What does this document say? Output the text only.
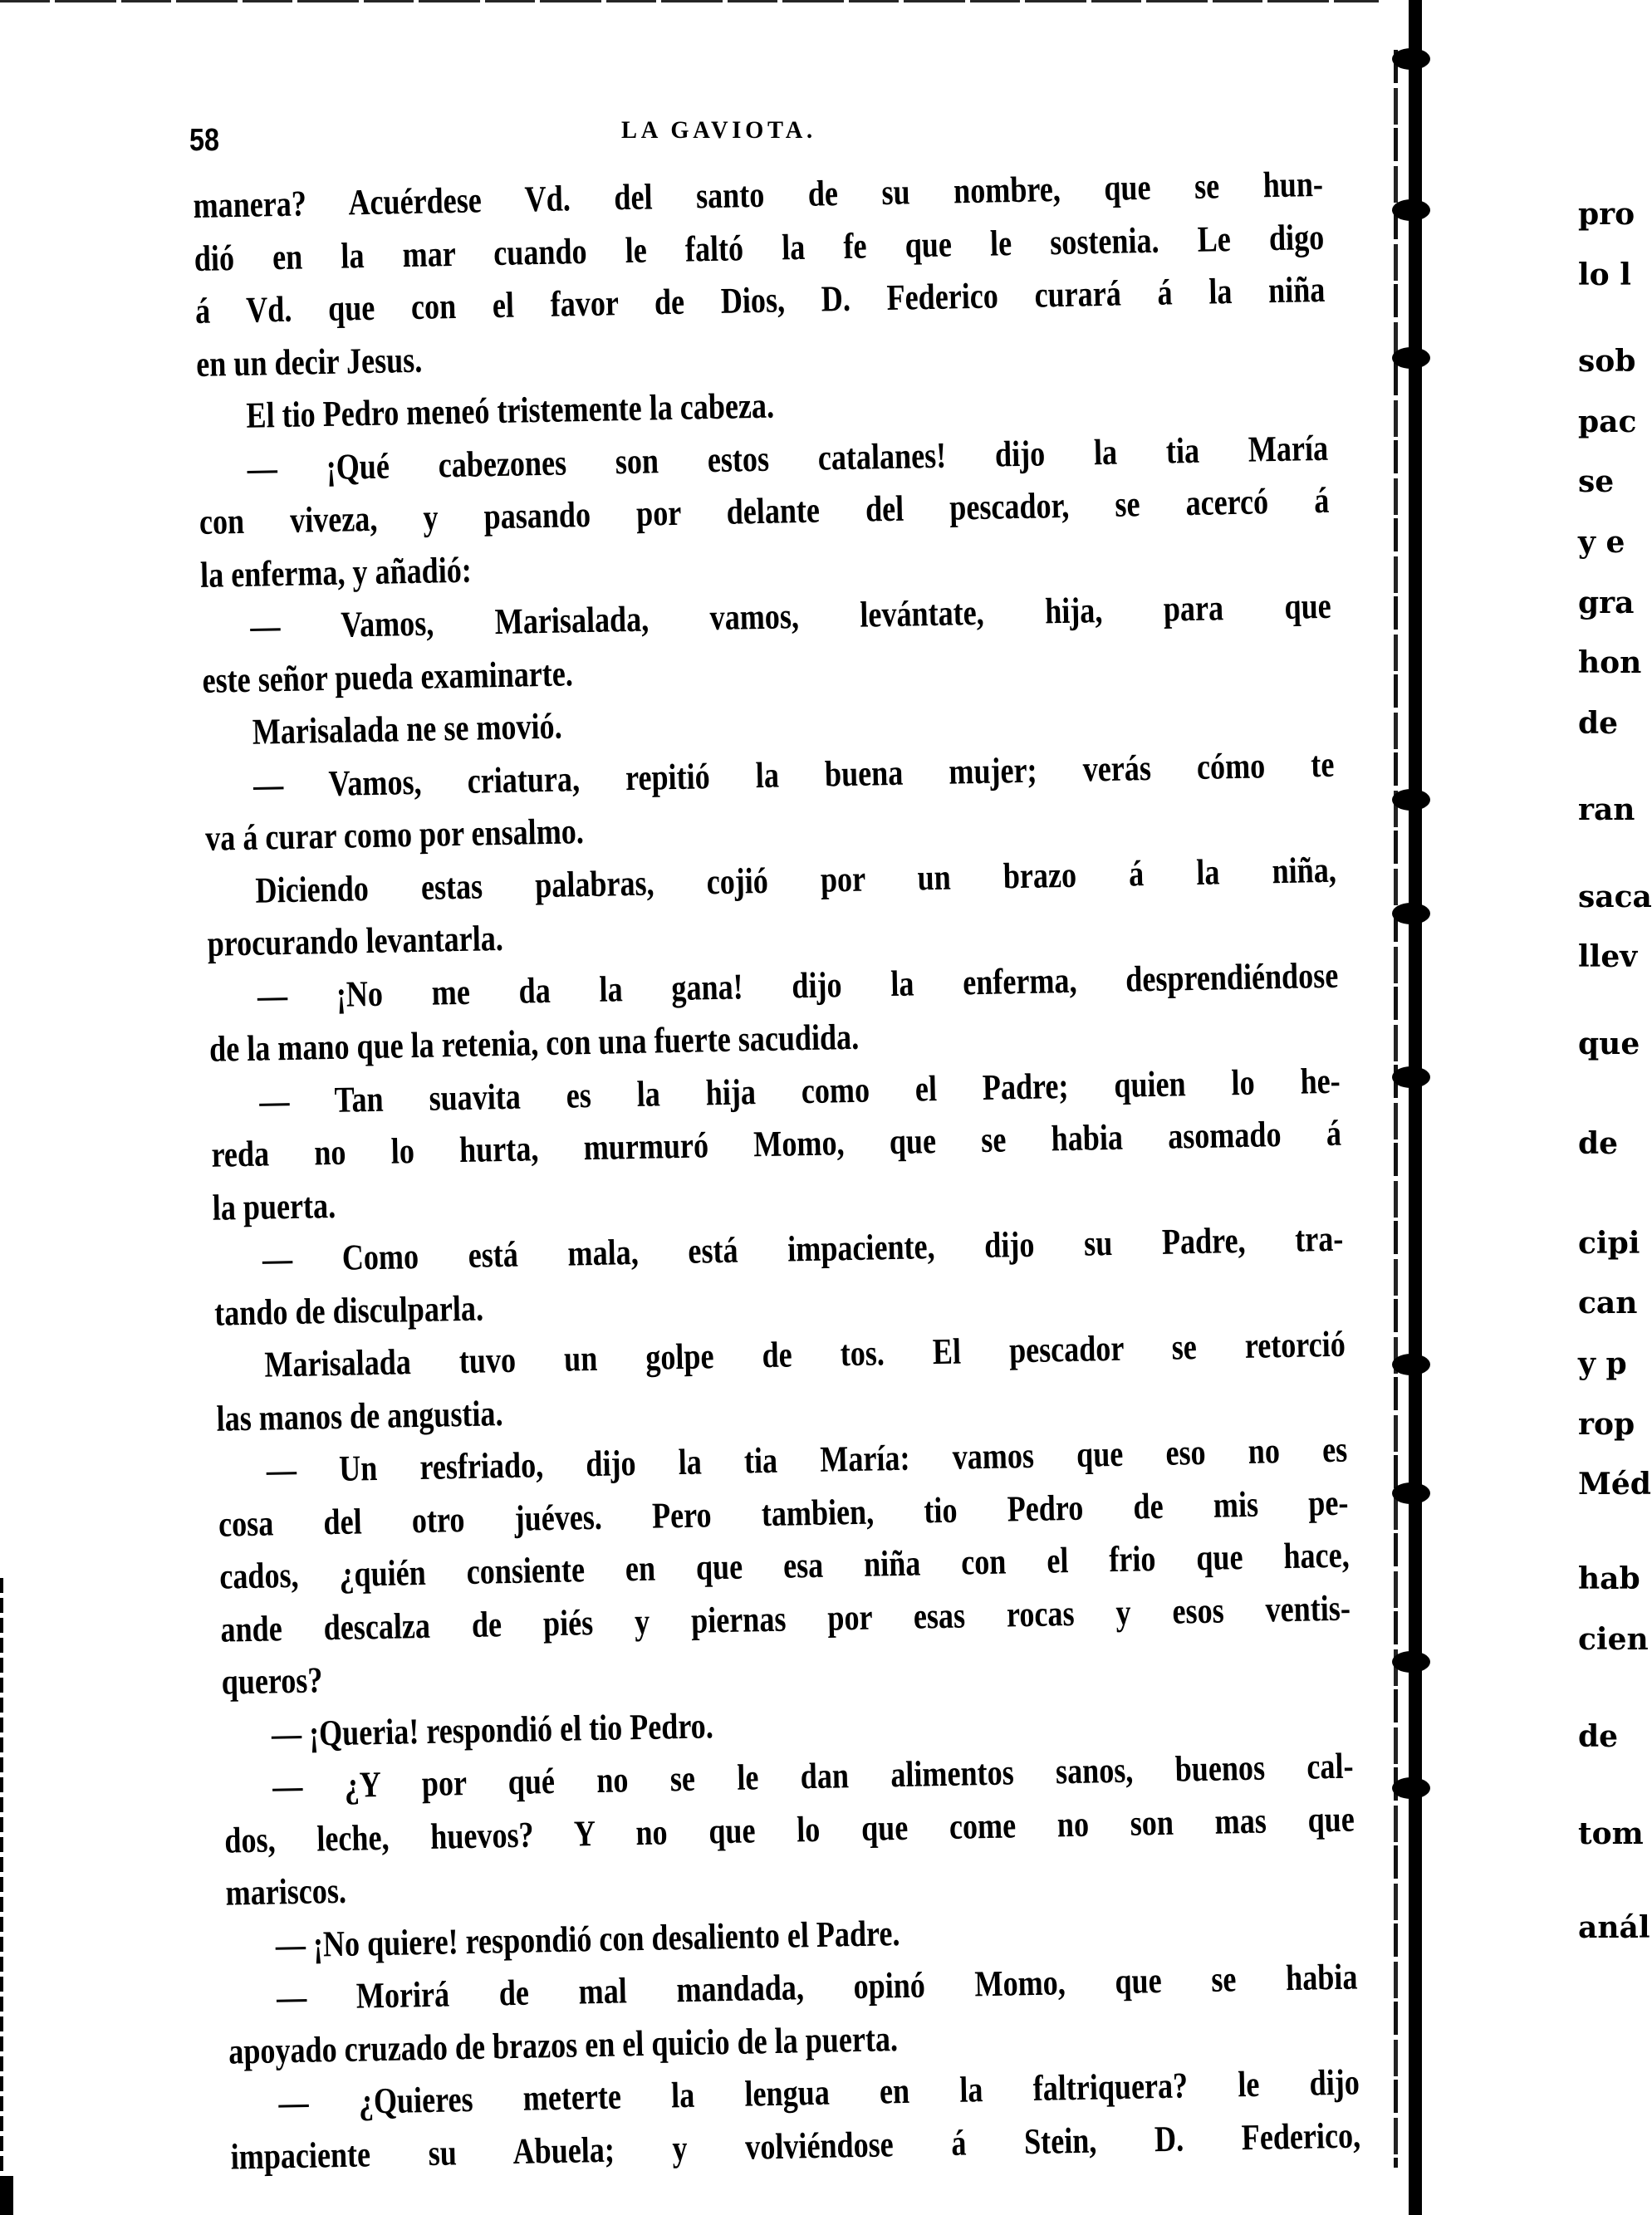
58	LA GAVIOTA.
manera? Acuérdese Vd. del santo de su nombre, que se hun-
dió en la mar cuando le faltó la fe que le sostenia. Le digo
á Vd. que con el favor de Dios, D. Federico curará á la niña
en un decir Jesus.
El tio Pedro meneó tristemente la cabeza.
— ¡Qué cabezones son estos catalanes! dijo la tia María
con viveza, y pasando por delante del pescador, se acercó á
la enferma, y añadió:
— Vamos, Marisalada, vamos, levántate, hija, para que
este señor pueda examinarte.
Marisalada ne se movió.
— Vamos, criatura, repitió la buena mujer; verás cómo te
va á curar como por ensalmo.
Diciendo estas palabras, cojió por un brazo á la niña,
procurando levantarla.
— ¡No me da la gana! dijo la enferma, desprendiéndose
de la mano que la retenia, con una fuerte sacudida.
— Tan suavita es la hija como el Padre; quien lo he-
reda no lo hurta, murmuró Momo, que se habia asomado á
la puerta.
— Como está mala, está impaciente, dijo su Padre, tra-
tando de disculparla.
Marisalada tuvo un golpe de tos. El pescador se retorció
las manos de angustia.
— Un resfriado, dijo la tia María: vamos que eso no es
cosa del otro juéves. Pero tambien, tio Pedro de mis pe-
cados, ¿quién consiente en que esa niña con el frio que hace,
ande descalza de piés y piernas por esas rocas y esos ventis-
queros?
— ¡Queria! respondió el tio Pedro.
— ¿Y por qué no se le dan alimentos sanos, buenos cal-
dos, leche, huevos? Y no que lo que come no son mas que
mariscos.
— ¡No quiere! respondió con desaliento el Padre.
— Morirá de mal mandada, opinó Momo, que se habia
apoyado cruzado de brazos en el quicio de la puerta.
— ¿Quieres meterte la lengua en la faltriquera? le dijo
impaciente su Abuela; y volviéndose á Stein, D. Federico,
pro
lo l
sob
pac
se
y e
gra
hon
de
ran
saca
llev
que
de
cipi
can
y p
rop
Méd
hab
cien
de
tom
anál
